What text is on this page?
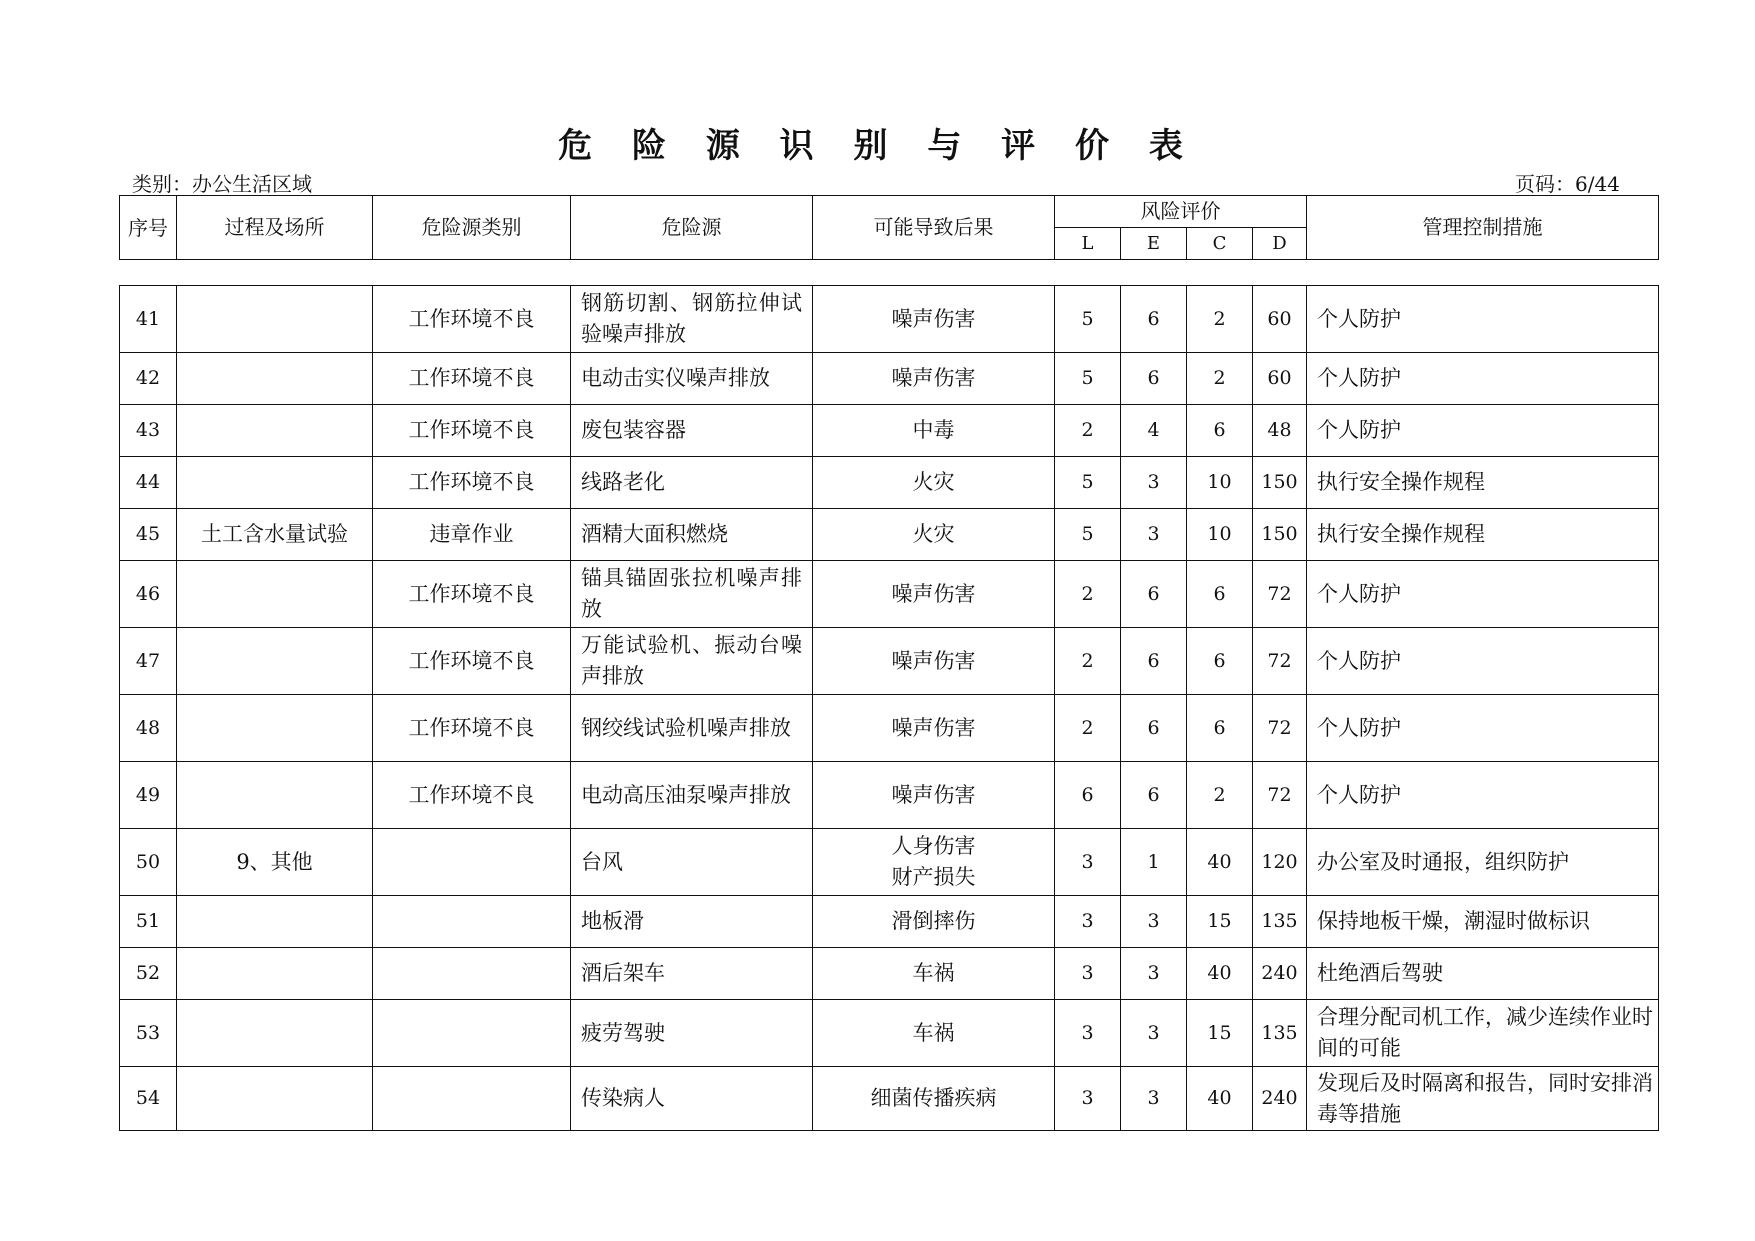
危 险 源 识 别 与 评 价 表
类别：办公生活区域	页码：6/44
序号	过程及场所	危险源类别	危险源	可能导致后果	风险评价				管理控制措施
					L	E	C	D	
41		工作环境不良	钢筋切割、钢筋拉伸试验噪声排放	噪声伤害	5	6	2	60	个人防护
42		工作环境不良	电动击实仪噪声排放	噪声伤害	5	6	2	60	个人防护
43		工作环境不良	废包装容器	中毒	2	4	6	48	个人防护
44		工作环境不良	线路老化	火灾	5	3	10	150	执行安全操作规程
45	土工含水量试验	违章作业	酒精大面积燃烧	火灾	5	3	10	150	执行安全操作规程
46		工作环境不良	锚具锚固张拉机噪声排放	噪声伤害	2	6	6	72	个人防护
47		工作环境不良	万能试验机、振动台噪声排放	噪声伤害	2	6	6	72	个人防护
48		工作环境不良	钢绞线试验机噪声排放	噪声伤害	2	6	6	72	个人防护
49		工作环境不良	电动高压油泵噪声排放	噪声伤害	6	6	2	72	个人防护
50	9、其他		台风	人身伤害
财产损失	3	1	40	120	办公室及时通报，组织防护
51			地板滑	滑倒摔伤	3	3	15	135	保持地板干燥，潮湿时做标识
52			酒后架车	车祸	3	3	40	240	杜绝酒后驾驶
53			疲劳驾驶	车祸	3	3	15	135	合理分配司机工作，减少连续作业时间的可能
54			传染病人	细菌传播疾病	3	3	40	240	发现后及时隔离和报告，同时安排消毒等措施
